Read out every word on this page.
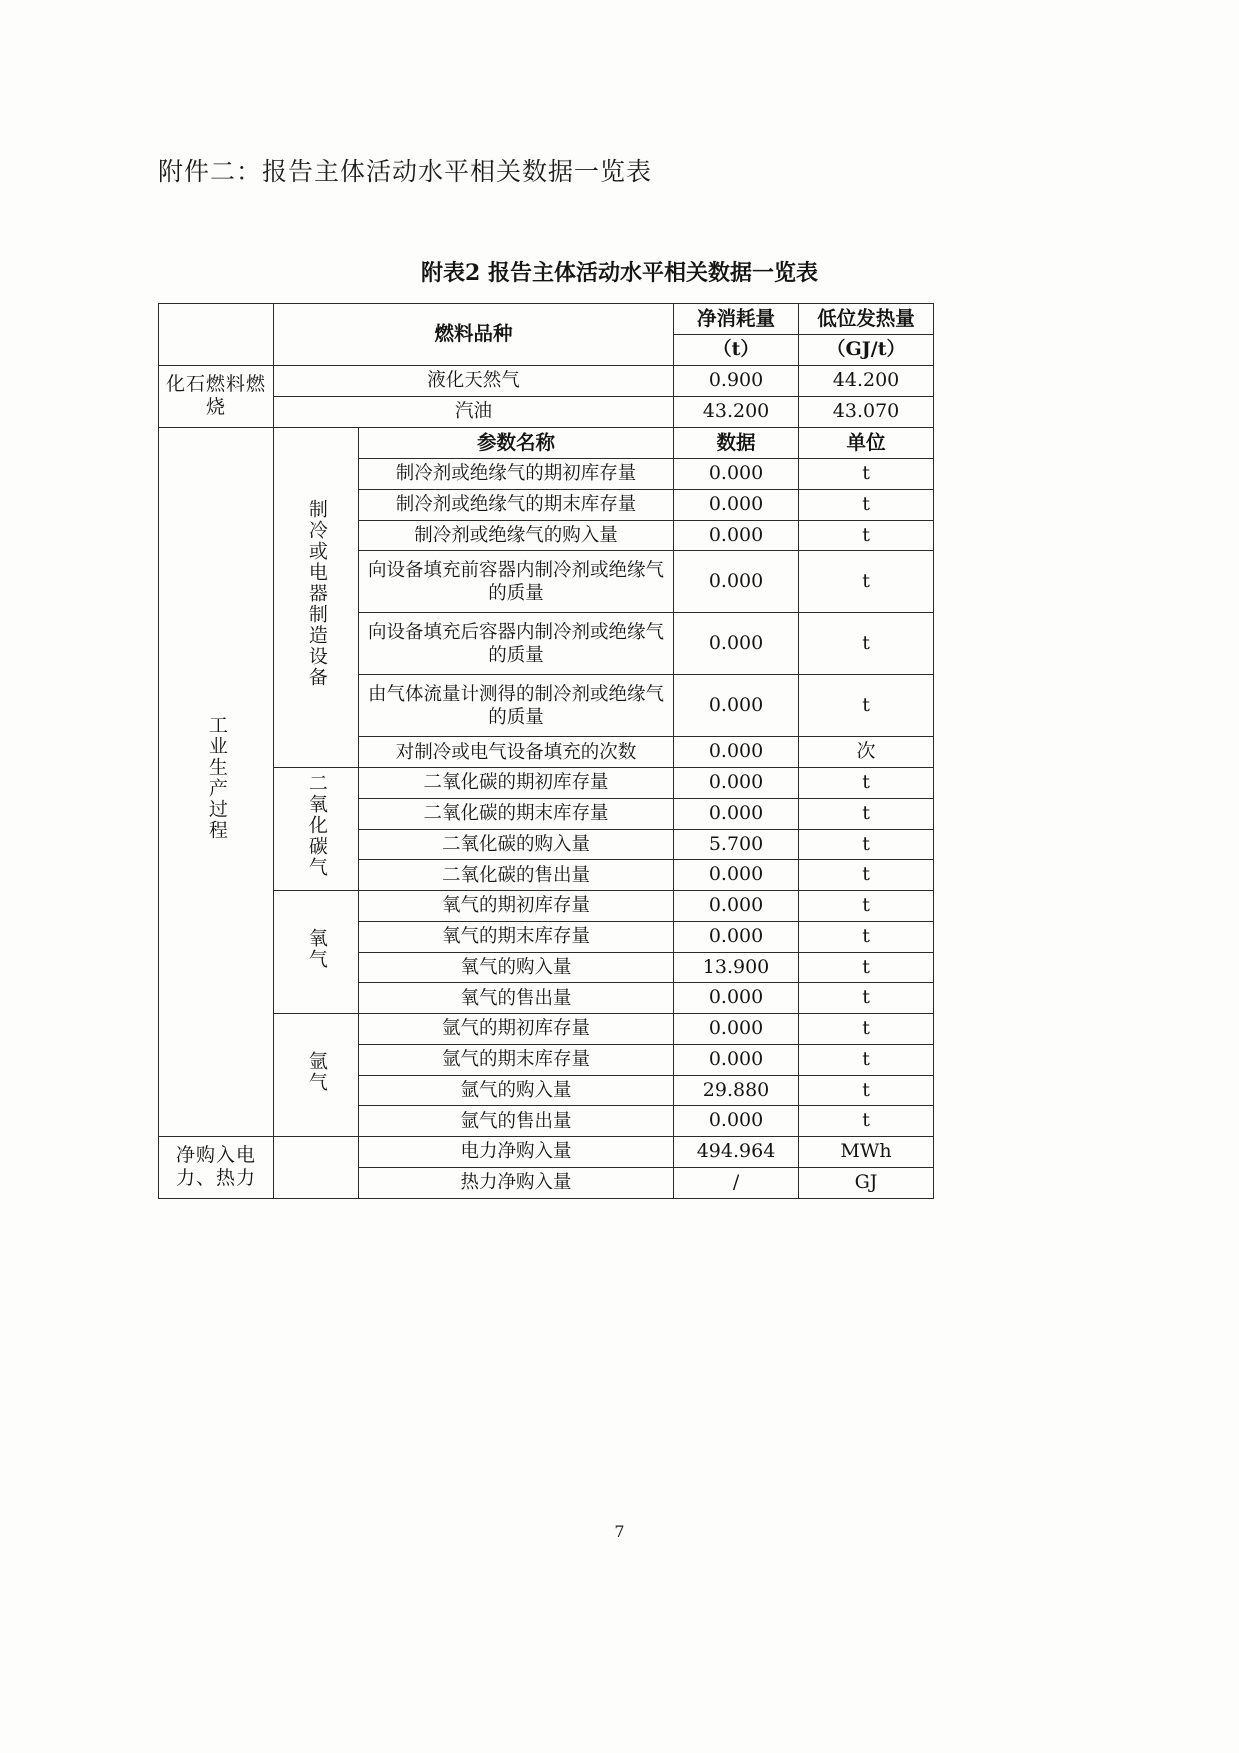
附件二：报告主体活动水平相关数据一览表
附表2 报告主体活动水平相关数据一览表
	燃料品种		净消耗量	低位发热量
			（t）	（GJ/t）
化石燃料燃烧	液化天然气		0.900	44.200
	汽油		43.200	43.070
工业生产过程	制冷或电器制造设备	参数名称	数据	单位
		制冷剂或绝缘气的期初库存量	0.000	t
		制冷剂或绝缘气的期末库存量	0.000	t
		制冷剂或绝缘气的购入量	0.000	t
		向设备填充前容器内制冷剂或绝缘气的质量	0.000	t
		向设备填充后容器内制冷剂或绝缘气的质量	0.000	t
		由气体流量计测得的制冷剂或绝缘气的质量	0.000	t
		对制冷或电气设备填充的次数	0.000	次
	二氧化碳气	二氧化碳的期初库存量	0.000	t
		二氧化碳的期末库存量	0.000	t
		二氧化碳的购入量	5.700	t
		二氧化碳的售出量	0.000	t
	氧气	氧气的期初库存量	0.000	t
		氧气的期末库存量	0.000	t
		氧气的购入量	13.900	t
		氧气的售出量	0.000	t
	氩气	氩气的期初库存量	0.000	t
		氩气的期末库存量	0.000	t
		氩气的购入量	29.880	t
		氩气的售出量	0.000	t
净购入电力、热力		电力净购入量	494.964	MWh
		热力净购入量	/	GJ
7
